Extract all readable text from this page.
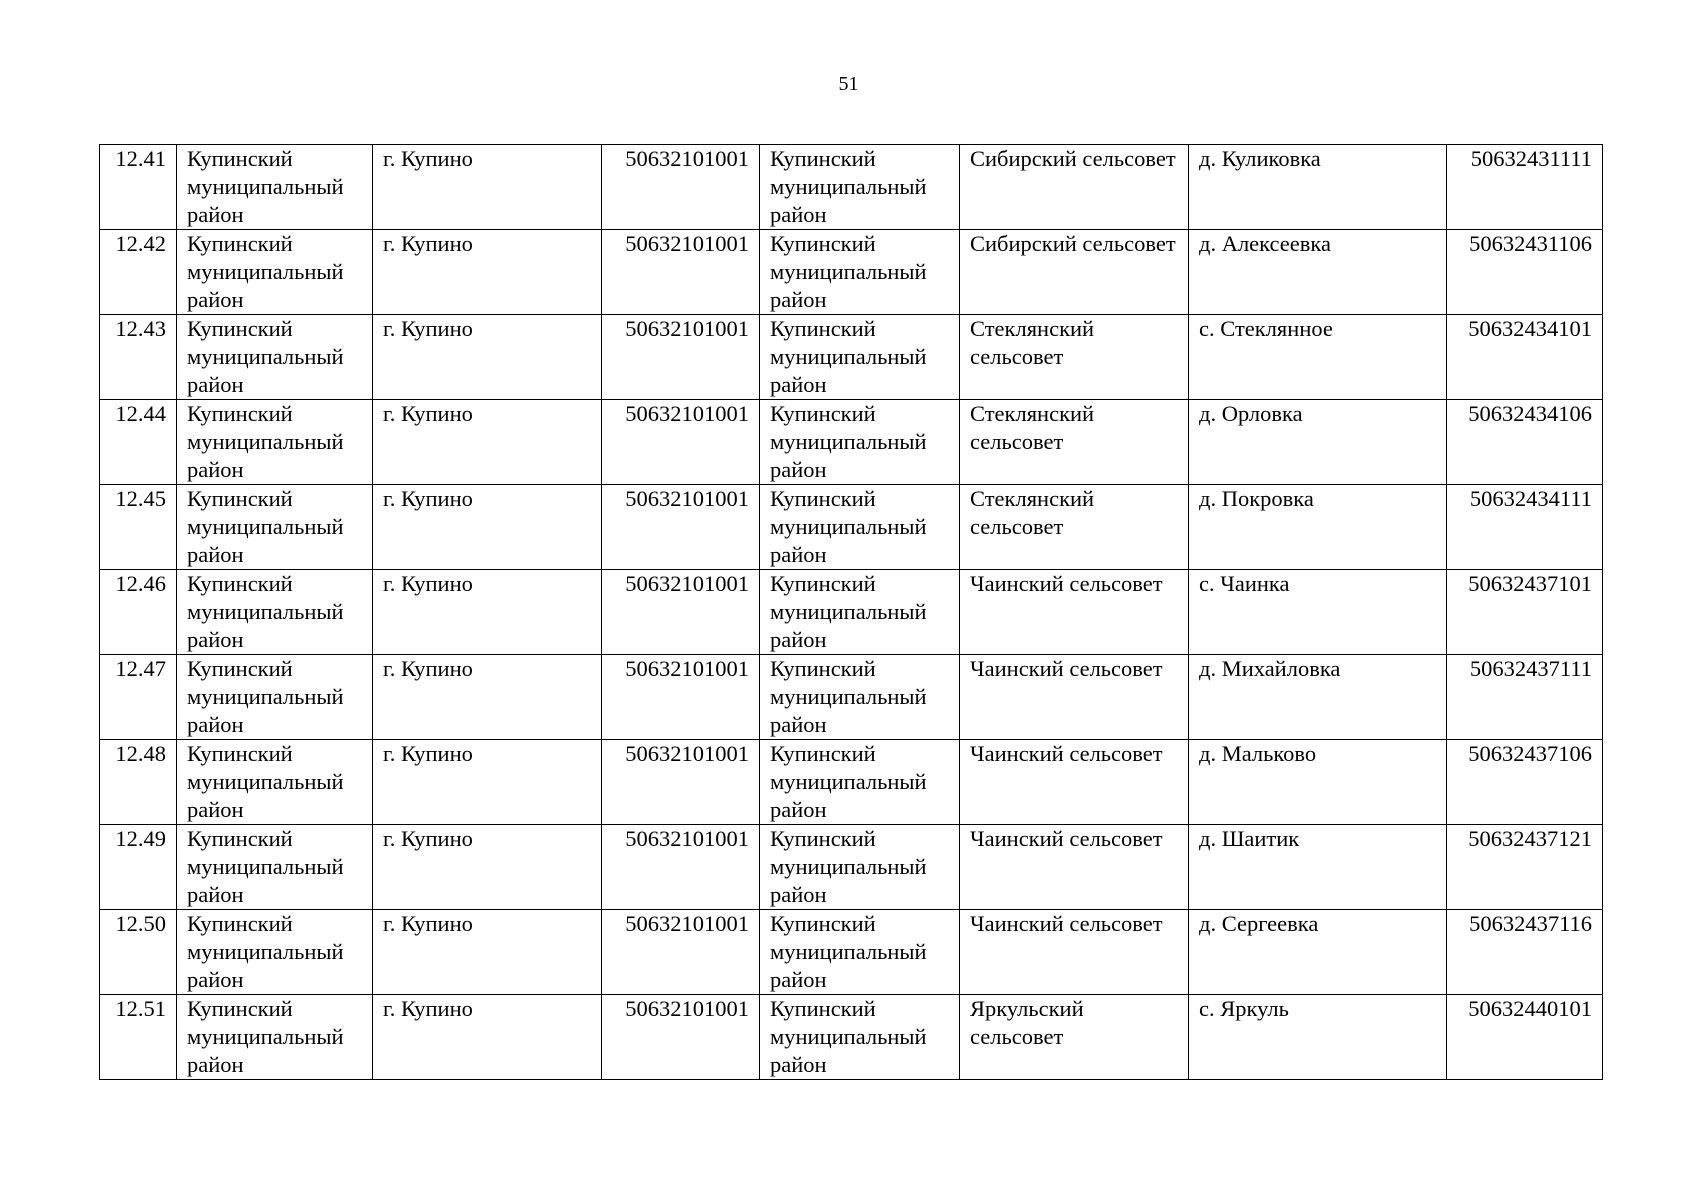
51
12.41	Купинский муниципальный район	г. Купино	50632101001	Купинский муниципальный район	Сибирский сельсовет	д. Куликовка	50632431111
12.42	Купинский муниципальный район	г. Купино	50632101001	Купинский муниципальный район	Сибирский сельсовет	д. Алексеевка	50632431106
12.43	Купинский муниципальный район	г. Купино	50632101001	Купинский муниципальный район	Стеклянский сельсовет	с. Стеклянное	50632434101
12.44	Купинский муниципальный район	г. Купино	50632101001	Купинский муниципальный район	Стеклянский сельсовет	д. Орловка	50632434106
12.45	Купинский муниципальный район	г. Купино	50632101001	Купинский муниципальный район	Стеклянский сельсовет	д. Покровка	50632434111
12.46	Купинский муниципальный район	г. Купино	50632101001	Купинский муниципальный район	Чаинский сельсовет	с. Чаинка	50632437101
12.47	Купинский муниципальный район	г. Купино	50632101001	Купинский муниципальный район	Чаинский сельсовет	д. Михайловка	50632437111
12.48	Купинский муниципальный район	г. Купино	50632101001	Купинский муниципальный район	Чаинский сельсовет	д. Мальково	50632437106
12.49	Купинский муниципальный район	г. Купино	50632101001	Купинский муниципальный район	Чаинский сельсовет	д. Шаитик	50632437121
12.50	Купинский муниципальный район	г. Купино	50632101001	Купинский муниципальный район	Чаинский сельсовет	д. Сергеевка	50632437116
12.51	Купинский муниципальный район	г. Купино	50632101001	Купинский муниципальный район	Яркульский сельсовет	с. Яркуль	50632440101
